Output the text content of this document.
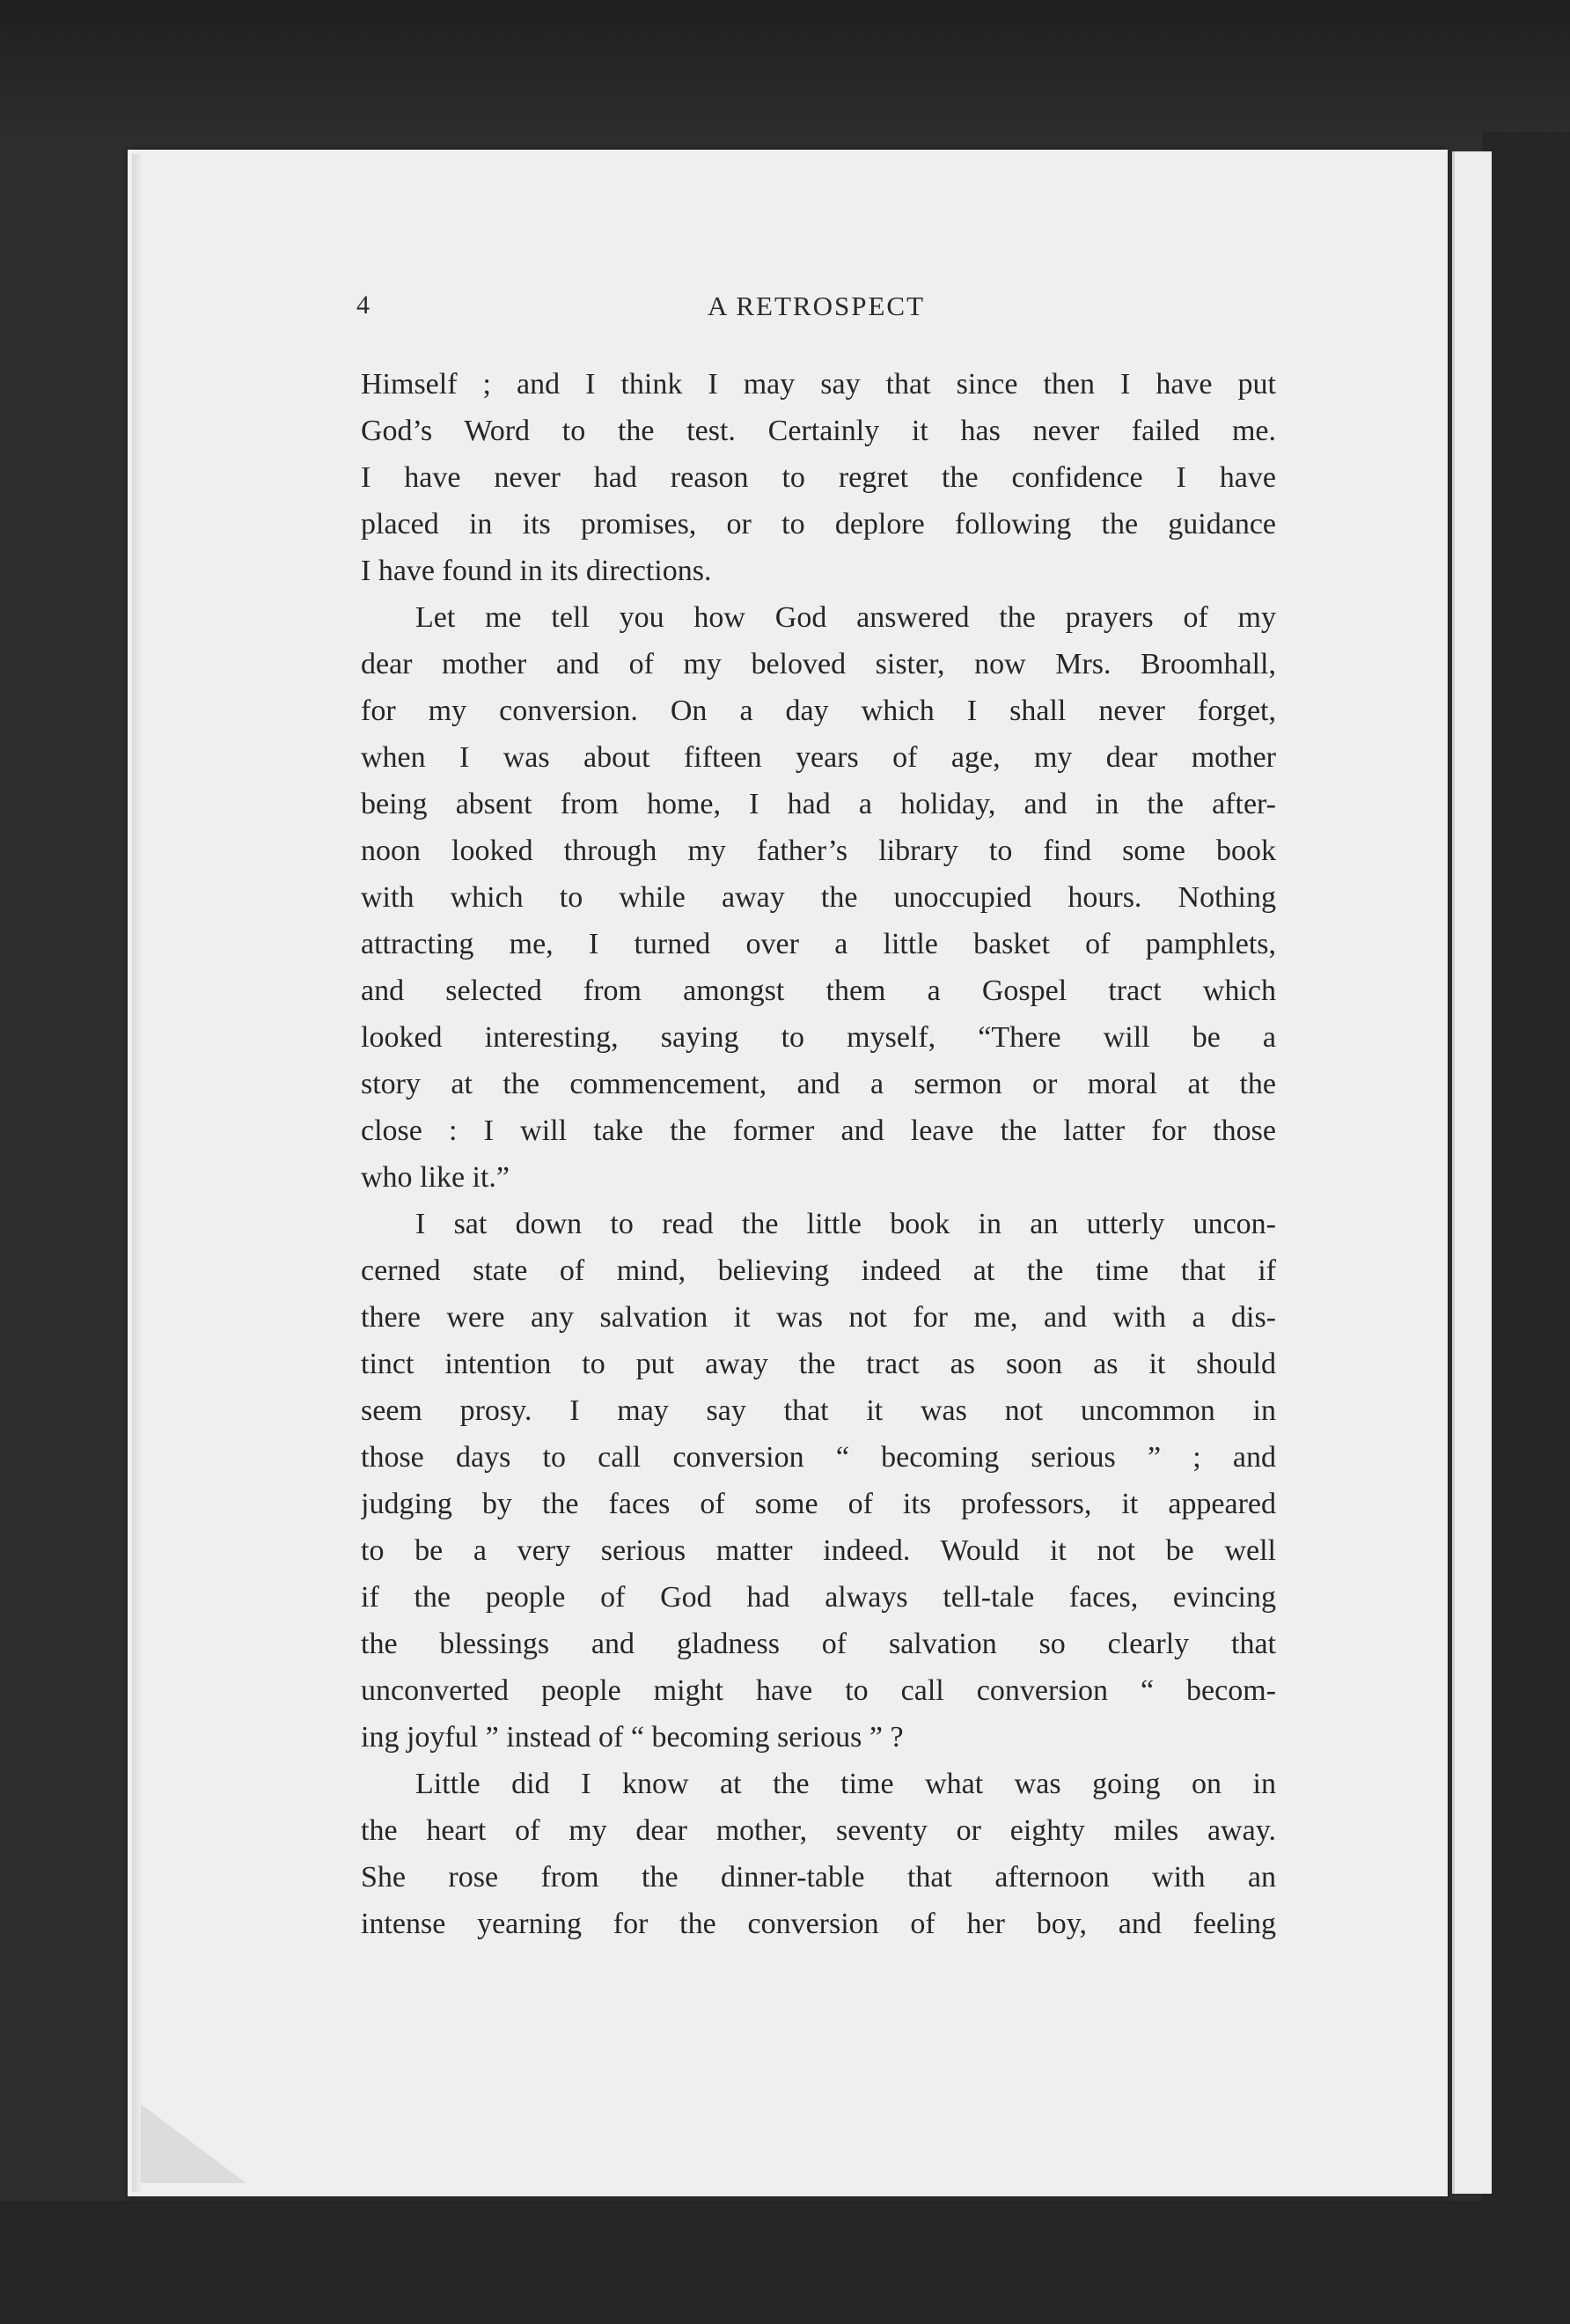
4	A RETROSPECT
Himself ; and I think I may say that since then I have put
God’s Word to the test. Certainly it has never failed me.
I have never had reason to regret the confidence I have
placed in its promises, or to deplore following the guidance
I have found in its directions.
Let me tell you how God answered the prayers of my
dear mother and of my beloved sister, now Mrs. Broomhall,
for my conversion. On a day which I shall never forget,
when I was about fifteen years of age, my dear mother
being absent from home, I had a holiday, and in the after-
noon looked through my father’s library to find some book
with which to while away the unoccupied hours. Nothing
attracting me, I turned over a little basket of pamphlets,
and selected from amongst them a Gospel tract which
looked interesting, saying to myself, “There will be a
story at the commencement, and a sermon or moral at the
close : I will take the former and leave the latter for those
who like it.”
I sat down to read the little book in an utterly uncon-
cerned state of mind, believing indeed at the time that if
there were any salvation it was not for me, and with a dis-
tinct intention to put away the tract as soon as it should
seem prosy. I may say that it was not uncommon in
those days to call conversion “ becoming serious ” ; and
judging by the faces of some of its professors, it appeared
to be a very serious matter indeed. Would it not be well
if the people of God had always tell-tale faces, evincing
the blessings and gladness of salvation so clearly that
unconverted people might have to call conversion “ becom-
ing joyful ” instead of “ becoming serious ” ?
Little did I know at the time what was going on in
the heart of my dear mother, seventy or eighty miles away.
She rose from the dinner-table that afternoon with an
intense yearning for the conversion of her boy, and feeling
